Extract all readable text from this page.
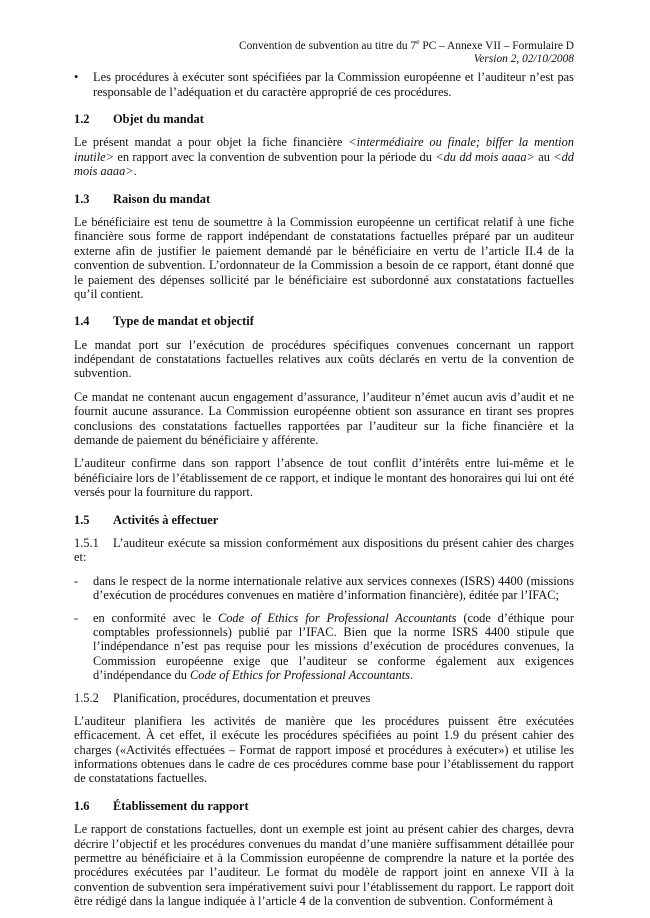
Convention de subvention au titre du 7e PC – Annexe VII – Formulaire D
Version 2, 02/10/2008
•	Les procédures à exécuter sont spécifiées par la Commission européenne et l’auditeur n’est pas responsable de l’adéquation et du caractère approprié de ces procédures.
1.2	Objet du mandat

Le présent mandat a pour objet la fiche financière <intermédiaire ou finale; biffer la mention inutile> en rapport avec la convention de subvention pour la période du <du dd mois aaaa> au <dd mois aaaa>.

1.3	Raison du mandat

Le bénéficiaire est tenu de soumettre à la Commission européenne un certificat relatif à une fiche financière sous forme de rapport indépendant de constatations factuelles préparé par un auditeur externe afin de justifier le paiement demandé par le bénéficiaire en vertu de l’article II.4 de la convention de subvention. L’ordonnateur de la Commission a besoin de ce rapport, étant donné que le paiement des dépenses sollicité par le bénéficiaire est subordonné aux constatations factuelles qu’il contient.

1.4	Type de mandat et objectif

Le mandat port sur l’exécution de procédures spécifiques convenues concernant un rapport indépendant de constatations factuelles relatives aux coûts déclarés en vertu de la convention de subvention.

Ce mandat ne contenant aucun engagement d’assurance, l’auditeur n’émet aucun avis d’audit et ne fournit aucune assurance. La Commission européenne obtient son assurance en tirant ses propres conclusions des constatations factuelles rapportées par l’auditeur sur la fiche financière et la demande de paiement du bénéficiaire y afférente.

L’auditeur confirme dans son rapport l’absence de tout conflit d’intérêts entre lui-même et le bénéficiaire lors de l’établissement de ce rapport, et indique le montant des honoraires qui lui ont été versés pour la fourniture du rapport.

1.5	Activités à effectuer

1.5.1 L’auditeur exécute sa mission conformément aux dispositions du présent cahier des charges et:

-	dans le respect de la norme internationale relative aux services connexes (ISRS) 4400 (missions d’exécution de procédures convenues en matière d’information financière), éditée par l’IFAC;
-	en conformité avec le Code of Ethics for Professional Accountants (code d’éthique pour comptables professionnels) publié par l’IFAC. Bien que la norme ISRS 4400 stipule que l’indépendance n’est pas requise pour les missions d’exécution de procédures convenues, la Commission européenne exige que l’auditeur se conforme également aux exigences d’indépendance du Code of Ethics for Professional Accountants.
1.5.2	Planification, procédures, documentation et preuves

L’auditeur planifiera les activités de manière que les procédures puissent être exécutées efficacement. À cet effet, il exécute les procédures spécifiées au point 1.9 du présent cahier des charges («Activités effectuées – Format de rapport imposé et procédures à exécuter») et utilise les informations obtenues dans le cadre de ces procédures comme base pour l’établissement du rapport de constatations factuelles.

1.6	Établissement du rapport

Le rapport de constations factuelles, dont un exemple est joint au présent cahier des charges, devra décrire l’objectif et les procédures convenues du mandat d’une manière suffisamment détaillée pour permettre au bénéficiaire et à la Commission européenne de comprendre la nature et la portée des procédures exécutées par l’auditeur. Le format du modèle de rapport joint en annexe VII à la convention de subvention sera impérativement suivi pour l’établissement du rapport. Le rapport doit être rédigé dans la langue indiquée à l’article 4 de la convention de subvention. Conformément à
